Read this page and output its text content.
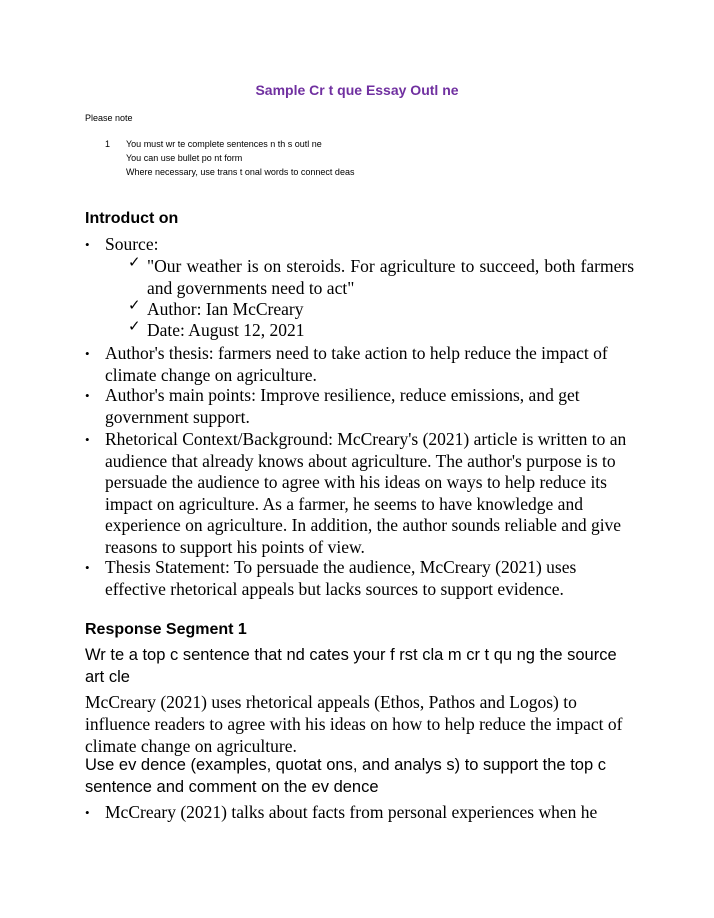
Sample Cr t que Essay Outl ne
Please note
1 You must wr te complete sentences n th s outl ne
You can use bullet po nt form
Where necessary, use trans t onal words to connect deas
Introduct on
• Source:
✓ "Our weather is on steroids. For agriculture to succeed, both farmers and governments need to act"
✓ Author: Ian McCreary
✓ Date: August 12, 2021
• Author's thesis: farmers need to take action to help reduce the impact of climate change on agriculture.
• Author's main points: Improve resilience, reduce emissions, and get government support.
• Rhetorical Context/Background: McCreary's (2021) article is written to an audience that already knows about agriculture. The author's purpose is to persuade the audience to agree with his ideas on ways to help reduce its impact on agriculture. As a farmer, he seems to have knowledge and experience on agriculture. In addition, the author sounds reliable and give reasons to support his points of view.
• Thesis Statement: To persuade the audience, McCreary (2021) uses effective rhetorical appeals but lacks sources to support evidence.
Response Segment 1
Wr te a top c sentence that nd cates your f rst cla m cr t qu ng the source art cle
McCreary (2021) uses rhetorical appeals (Ethos, Pathos and Logos) to influence readers to agree with his ideas on how to help reduce the impact of climate change on agriculture.
Use ev dence (examples, quotat ons, and analys s) to support the top c sentence and comment on the ev dence
• McCreary (2021) talks about facts from personal experiences when he
